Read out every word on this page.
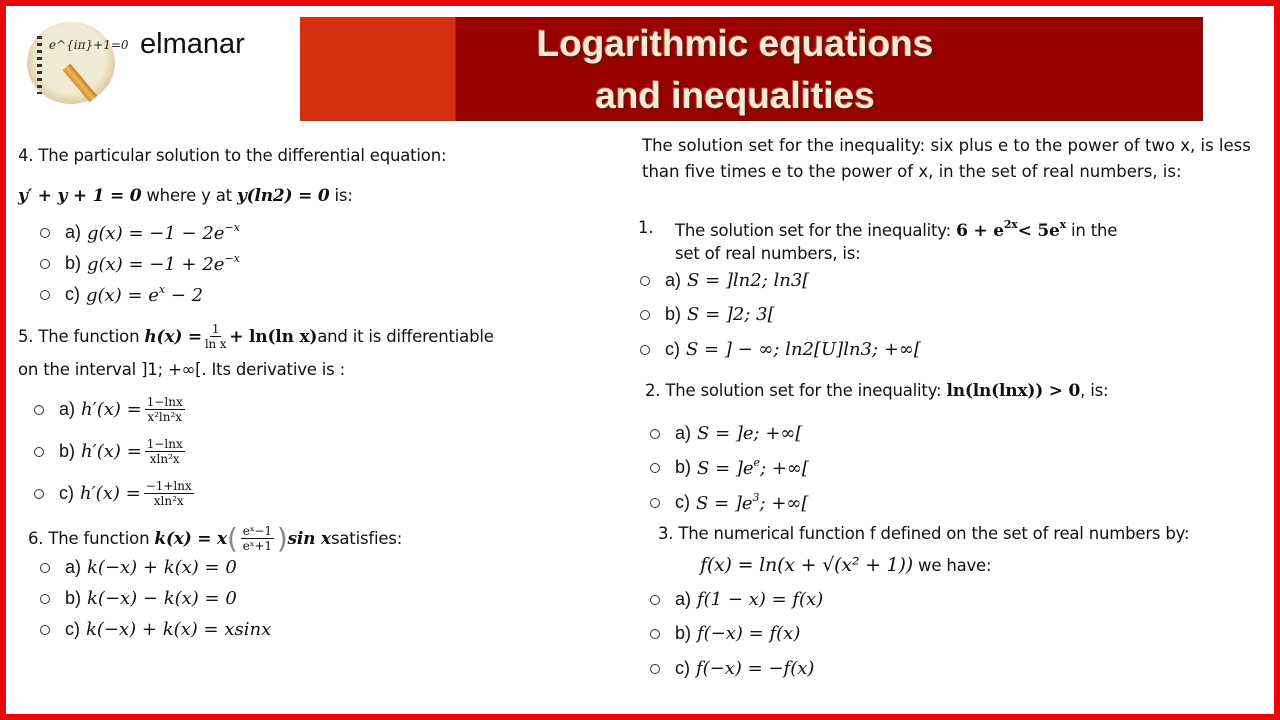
e^{iπ}+1=0 elmanar	Logarithmic equations
and inequalities
4. The particular solution to the differential equation:
y′ + y + 1 = 0 where y at y(ln2) = 0 is:
a) $g(x) = -1 - 2e^{-x}$
b) $g(x) = -1 + 2e^{-x}$
c) $g(x) = e^x - 2$
5. The function
$h(x) = \frac{1}{\text{ln x}} + \ln(\ln$ x) and it is differentiable
on the interval ]1; +∞[. Its derivative is :
a) $h'(x) = \frac{1-\ln x}{\text{x²ln²x}}$
b) $h'(x) = \frac{1-\ln x}{\text{xln²x}}$
c) $h'(x) = \frac{-1+\ln x}{\text{xln²x}}$
6. The function
k(x) = x ( $\frac{\text{eˣ−1}}{\text{eˣ+1}}$ ) sin x satisfies:
a) k(−x) + k(x) = 0
b) k(−x) − k(x) = 0
c) k(−x) + k(x) = xsinx
The solution set for the inequality: six plus e to the power of two x, is less than five times e to the power of x, in the set of real numbers, is:
1. The solution set for the inequality: $6 + e^{2x}< 5e^x$ in the
set of real numbers, is:
a) S = ]ln2; ln3[
b) S = ]2; 3[
c) S = ] − ∞; ln2[U]ln3; +∞[
2. The solution set for the inequality: ln(ln(lnx)) > 0, is:
a) S = ]e; +∞[
b) $S = ]e^e$; +∞[
c) $S = ]e^3$; +∞[
3. The numerical function f defined on the set of real numbers by:
f(x) = ln(x + √(x² + 1)) we have:
a) f(1 − x) = f(x)
b) f(−x) = f(x)
c) f(−x) = −f(x)
